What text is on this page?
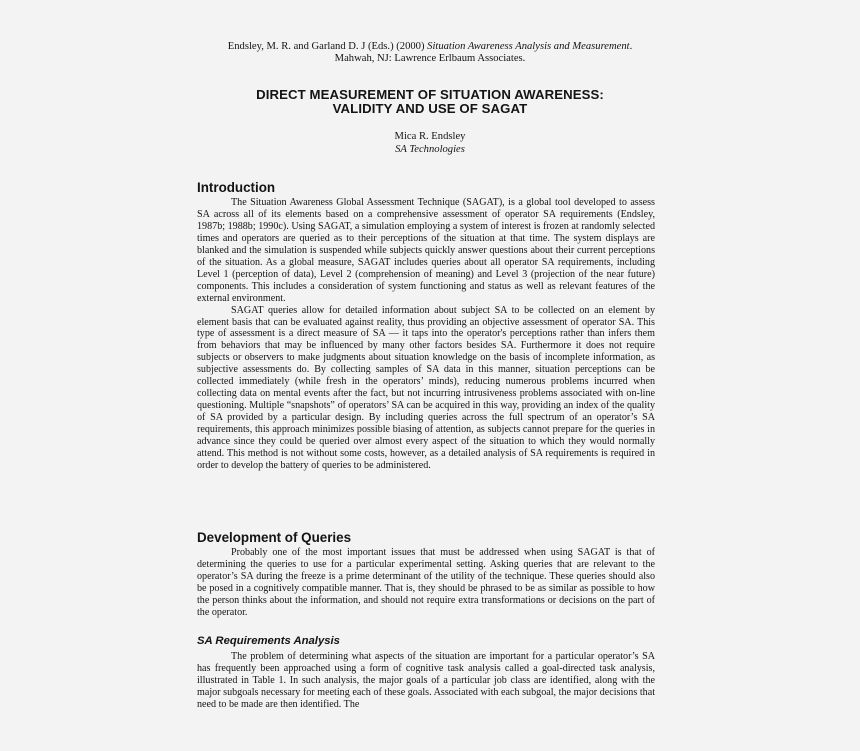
Endsley, M. R. and Garland D. J (Eds.) (2000) Situation Awareness Analysis and Measurement.
Mahwah, NJ: Lawrence Erlbaum Associates.
DIRECT MEASUREMENT OF SITUATION AWARENESS:
VALIDITY AND USE OF SAGAT
Mica R. Endsley
SA Technologies
Introduction

The Situation Awareness Global Assessment Technique (SAGAT), is a global tool developed to assess SA across all of its elements based on a comprehensive assessment of operator SA requirements (Endsley, 1987b; 1988b; 1990c). Using SAGAT, a simulation employing a system of interest is frozen at randomly selected times and operators are queried as to their perceptions of the situation at that time. The system displays are blanked and the simulation is suspended while subjects quickly answer questions about their current perceptions of the situation. As a global measure, SAGAT includes queries about all operator SA requirements, including Level 1 (perception of data), Level 2 (comprehension of meaning) and Level 3 (projection of the near future) components. This includes a consideration of system functioning and status as well as relevant features of the external environment.

SAGAT queries allow for detailed information about subject SA to be collected on an element by element basis that can be evaluated against reality, thus providing an objective assessment of operator SA. This type of assessment is a direct measure of SA — it taps into the operator's perceptions rather than infers them from behaviors that may be influenced by many other factors besides SA. Furthermore it does not require subjects or observers to make judgments about situation knowledge on the basis of incomplete information, as subjective assessments do. By collecting samples of SA data in this manner, situation perceptions can be collected immediately (while fresh in the operators’ minds), reducing numerous problems incurred when collecting data on mental events after the fact, but not incurring intrusiveness problems associated with on-line questioning. Multiple “snapshots” of operators’ SA can be acquired in this way, providing an index of the quality of SA provided by a particular design. By including queries across the full spectrum of an operator’s SA requirements, this approach minimizes possible biasing of attention, as subjects cannot prepare for the queries in advance since they could be queried over almost every aspect of the situation to which they would normally attend. This method is not without some costs, however, as a detailed analysis of SA requirements is required in order to develop the battery of queries to be administered.

Development of Queries

Probably one of the most important issues that must be addressed when using SAGAT is that of determining the queries to use for a particular experimental setting. Asking queries that are relevant to the operator’s SA during the freeze is a prime determinant of the utility of the technique. These queries should also be posed in a cognitively compatible manner. That is, they should be phrased to be as similar as possible to how the person thinks about the information, and should not require extra transformations or decisions on the part of the operator.

SA Requirements Analysis

The problem of determining what aspects of the situation are important for a particular operator’s SA has frequently been approached using a form of cognitive task analysis called a goal-directed task analysis, illustrated in Table 1. In such analysis, the major goals of a particular job class are identified, along with the major subgoals necessary for meeting each of these goals. Associated with each subgoal, the major decisions that need to be made are then identified. The
